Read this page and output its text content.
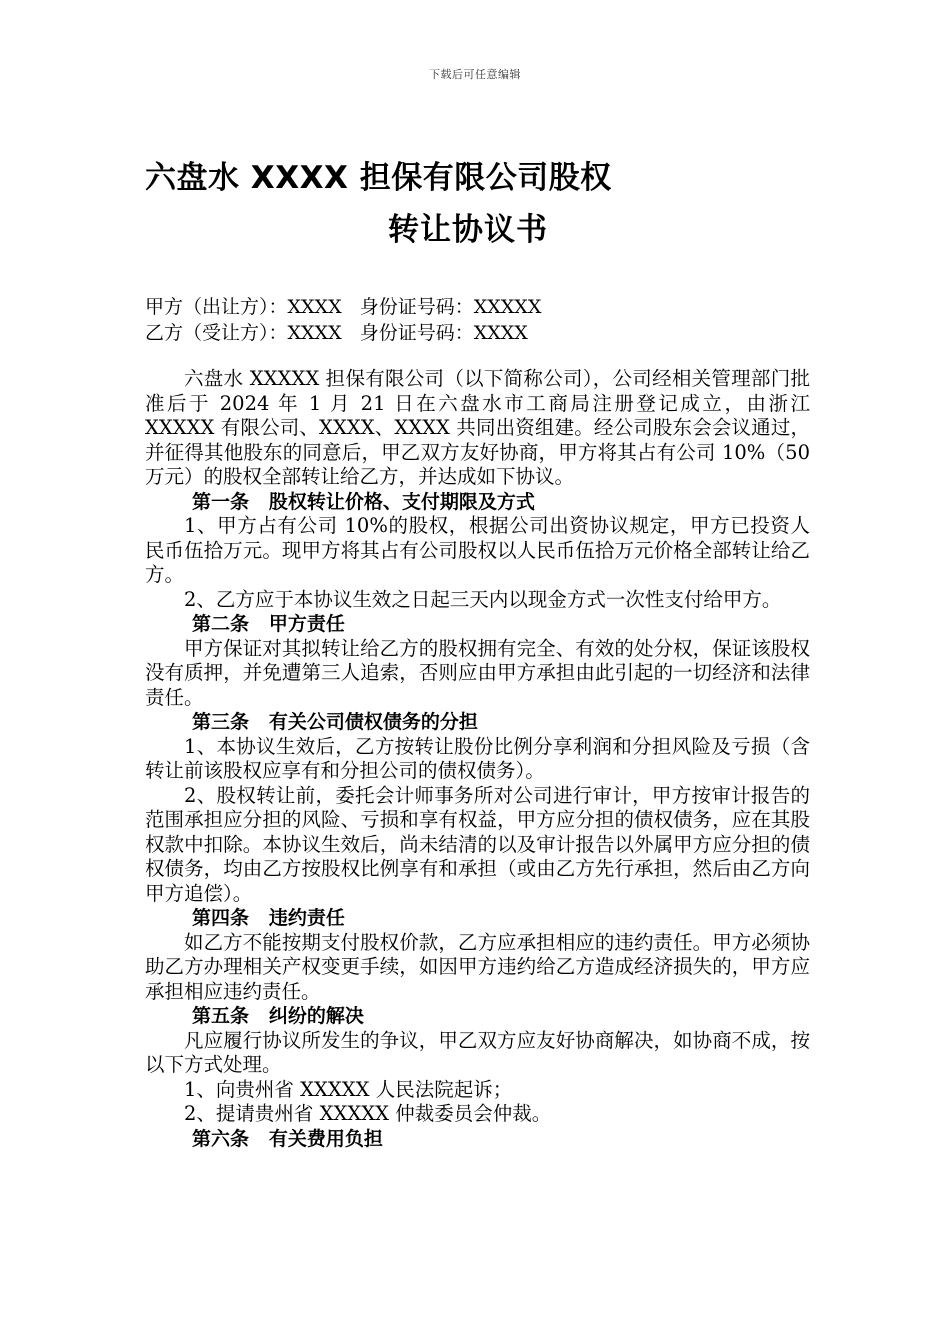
下载后可任意编辑
六盘水 XXXX 担保有限公司股权
转让协议书
甲方（出让方）：XXXX   身份证号码：XXXXX
乙方（受让方）：XXXX   身份证号码：XXXX

六盘水 XXXXX 担保有限公司（以下简称公司），公司经相关管理部门批准后于 2024 年 1 月 21 日在六盘水市工商局注册登记成立，由浙江 XXXXX 有限公司、XXXX、XXXX 共同出资组建。经公司股东会会议通过，并征得其他股东的同意后，甲乙双方友好协商，甲方将其占有公司 10%（50 万元）的股权全部转让给乙方，并达成如下协议。

第一条   股权转让价格、支付期限及方式

1、甲方占有公司 10%的股权，根据公司出资协议规定，甲方已投资人民币伍拾万元。现甲方将其占有公司股权以人民币伍拾万元价格全部转让给乙方。

2、乙方应于本协议生效之日起三天内以现金方式一次性支付给甲方。

第二条   甲方责任

甲方保证对其拟转让给乙方的股权拥有完全、有效的处分权，保证该股权没有质押，并免遭第三人追索，否则应由甲方承担由此引起的一切经济和法律责任。

第三条   有关公司债权债务的分担

1、本协议生效后，乙方按转让股份比例分享利润和分担风险及亏损（含转让前该股权应享有和分担公司的债权债务）。

2、股权转让前，委托会计师事务所对公司进行审计，甲方按审计报告的范围承担应分担的风险、亏损和享有权益，甲方应分担的债权债务，应在其股权款中扣除。本协议生效后，尚未结清的以及审计报告以外属甲方应分担的债权债务，均由乙方按股权比例享有和承担（或由乙方先行承担，然后由乙方向甲方追偿）。

第四条   违约责任

如乙方不能按期支付股权价款，乙方应承担相应的违约责任。甲方必须协助乙方办理相关产权变更手续，如因甲方违约给乙方造成经济损失的，甲方应承担相应违约责任。

第五条   纠纷的解决

凡应履行协议所发生的争议，甲乙双方应友好协商解决，如协商不成，按以下方式处理。

1、向贵州省 XXXXX 人民法院起诉；

2、提请贵州省 XXXXX 仲裁委员会仲裁。

第六条   有关费用负担
